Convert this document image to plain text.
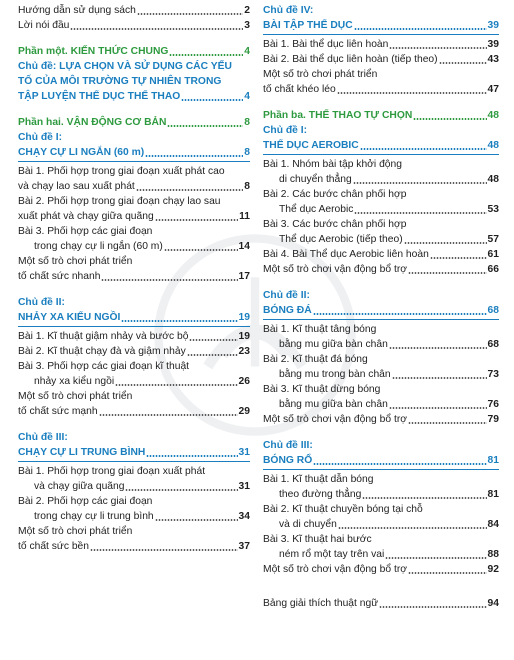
Hướng dẫn sử dụng sách	2
Lời nói đầu	3
Phần một. KIẾN THỨC CHUNG	4
Chủ đề: LỰA CHỌN VÀ SỬ DỤNG CÁC YẾU
TỐ CỦA MÔI TRƯỜNG TỰ NHIÊN TRONG
TẬP LUYỆN THỂ DỤC THỂ THAO	4
Phần hai. VẬN ĐỘNG CƠ BẢN	8
Chủ đề I:
CHẠY CỰ LI NGẮN (60 m)	8
Bài 1. Phối hợp trong giai đoạn xuất phát cao
và chạy lao sau xuất phát	8
Bài 2. Phối hợp trong giai đoạn chạy lao sau
xuất phát và chạy giữa quãng	11
Bài 3. Phối hợp các giai đoạn
trong chạy cự li ngắn (60 m)	14
Một số trò chơi phát triển
tố chất sức nhanh	17
Chủ đề II:
NHẢY XA KIỂU NGỒI	19
Bài 1. Kĩ thuật giậm nhảy và bước bộ	19
Bài 2. Kĩ thuật chạy đà và giậm nhảy	23
Bài 3. Phối hợp các giai đoạn kĩ thuật
nhảy xa kiểu ngồi	26
Một số trò chơi phát triển
tố chất sức mạnh	29
Chủ đề III:
CHẠY CỰ LI TRUNG BÌNH	31
Bài 1. Phối hợp trong giai đoạn xuất phát
và chạy giữa quãng	31
Bài 2. Phối hợp các giai đoạn
trong chạy cự li trung bình	34
Một số trò chơi phát triển
tố chất sức bền	37
Chủ đề IV:
BÀI TẬP THỂ DỤC	39
Bài 1. Bài thể dục liên hoàn	39
Bài 2. Bài thể dục liên hoàn (tiếp theo)	43
Một số trò chơi phát triển
tố chất khéo léo	47
Phần ba. THỂ THAO TỰ CHỌN	48
Chủ đề I:
THỂ DỤC AEROBIC	48
Bài 1. Nhóm bài tập khởi động
di chuyển thẳng	48
Bài 2. Các bước chân phối hợp
Thể dục Aerobic	53
Bài 3. Các bước chân phối hợp
Thể dục Aerobic (tiếp theo)	57
Bài 4. Bài Thể dục Aerobic liên hoàn	61
Một số trò chơi vận động bổ trợ	66
Chủ đề II:
BÓNG ĐÁ	68
Bài 1. Kĩ thuật tâng bóng
bằng mu giữa bàn chân	68
Bài 2. Kĩ thuật đá bóng
bằng mu trong bàn chân	73
Bài 3. Kĩ thuật dừng bóng
bằng mu giữa bàn chân	76
Một số trò chơi vận động bổ trợ	79
Chủ đề III:
BÓNG RỔ	81
Bài 1. Kĩ thuật dẫn bóng
theo đường thẳng	81
Bài 2. Kĩ thuật chuyền bóng tại chỗ
và di chuyển	84
Bài 3. Kĩ thuật hai bước
ném rổ một tay trên vai	88
Một số trò chơi vận động bổ trợ	92
Bảng giải thích thuật ngữ	94
